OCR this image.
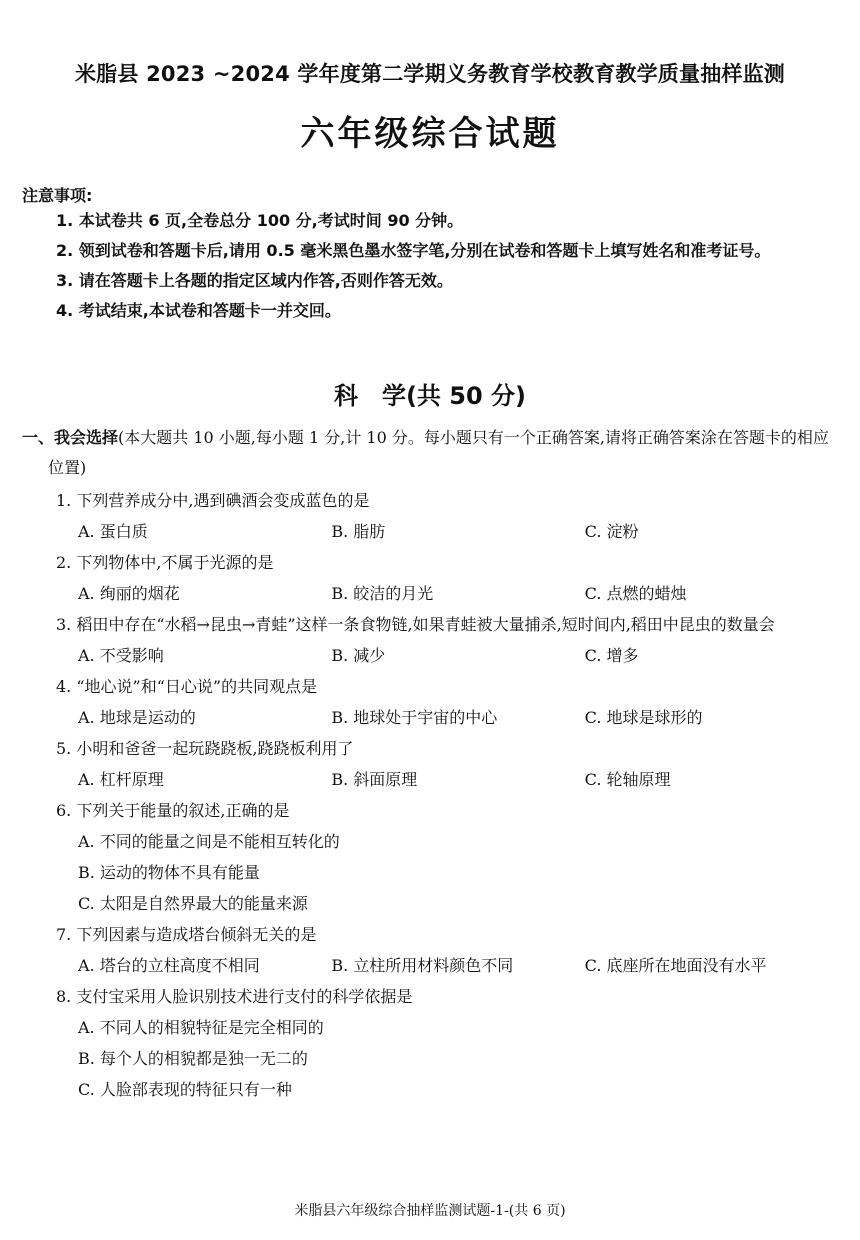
米脂县 2023 ~2024 学年度第二学期义务教育学校教育教学质量抽样监测
六年级综合试题
注意事项:
1. 本试卷共 6 页,全卷总分 100 分,考试时间 90 分钟。
2. 领到试卷和答题卡后,请用 0.5 毫米黑色墨水签字笔,分别在试卷和答题卡上填写姓名和准考证号。
3. 请在答题卡上各题的指定区域内作答,否则作答无效。
4. 考试结束,本试卷和答题卡一并交回。
科　学(共 50 分)
一、我会选择(本大题共 10 小题,每小题 1 分,计 10 分。每小题只有一个正确答案,请将正确答案涂在答题卡的相应位置)
1. 下列营养成分中,遇到碘酒会变成蓝色的是
A. 蛋白质	B. 脂肪	C. 淀粉
2. 下列物体中,不属于光源的是
A. 绚丽的烟花	B. 皎洁的月光	C. 点燃的蜡烛
3. 稻田中存在“水稻→昆虫→青蛙”这样一条食物链,如果青蛙被大量捕杀,短时间内,稻田中昆虫的数量会
A. 不受影响	B. 减少	C. 增多
4. “地心说”和“日心说”的共同观点是
A. 地球是运动的	B. 地球处于宇宙的中心	C. 地球是球形的
5. 小明和爸爸一起玩跷跷板,跷跷板利用了
A. 杠杆原理	B. 斜面原理	C. 轮轴原理
6. 下列关于能量的叙述,正确的是
A. 不同的能量之间是不能相互转化的
B. 运动的物体不具有能量
C. 太阳是自然界最大的能量来源
7. 下列因素与造成塔台倾斜无关的是
A. 塔台的立柱高度不相同	B. 立柱所用材料颜色不同	C. 底座所在地面没有水平
8. 支付宝采用人脸识别技术进行支付的科学依据是
A. 不同人的相貌特征是完全相同的
B. 每个人的相貌都是独一无二的
C. 人脸部表现的特征只有一种
米脂县六年级综合抽样监测试题-1-(共 6 页)
